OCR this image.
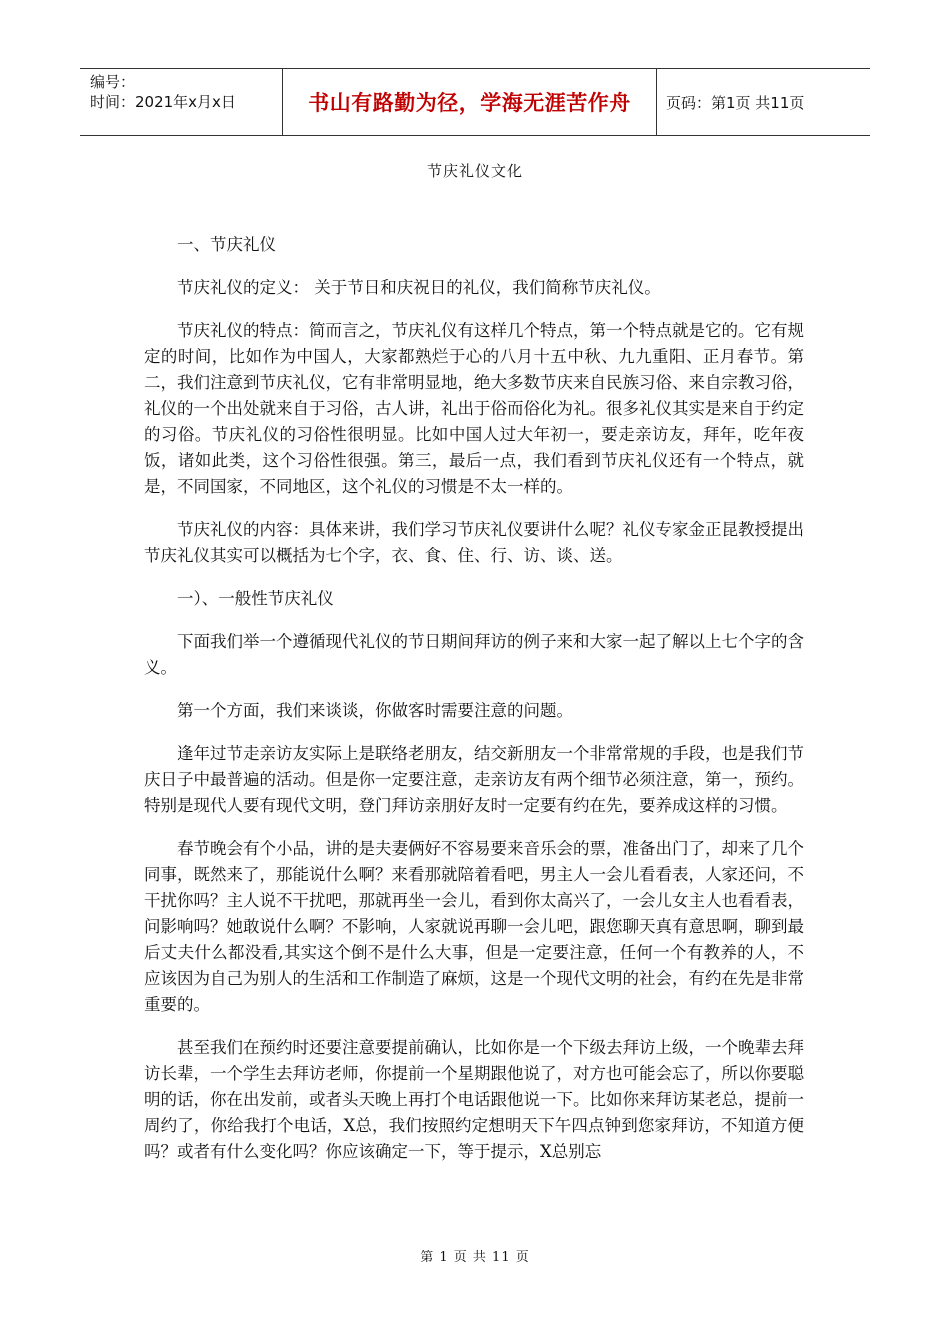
编号：
时间：2021年x月x日	书山有路勤为径，学海无涯苦作舟 页码：第1页 共11页
节庆礼仪文化

一、节庆礼仪

节庆礼仪的定义： 关于节日和庆祝日的礼仪，我们简称节庆礼仪。

节庆礼仪的特点：简而言之，节庆礼仪有这样几个特点，第一个特点就是它的。它有规定的时间，比如作为中国人，大家都熟烂于心的八月十五中秋、九九重阳、正月春节。第二，我们注意到节庆礼仪，它有非常明显地，绝大多数节庆来自民族习俗、来自宗教习俗，礼仪的一个出处就来自于习俗，古人讲，礼出于俗而俗化为礼。很多礼仪其实是来自于约定的习俗。节庆礼仪的习俗性很明显。比如中国人过大年初一，要走亲访友，拜年，吃年夜饭，诸如此类，这个习俗性很强。第三，最后一点，我们看到节庆礼仪还有一个特点，就是，不同国家，不同地区，这个礼仪的习惯是不太一样的。

节庆礼仪的内容：具体来讲，我们学习节庆礼仪要讲什么呢？礼仪专家金正昆教授提出节庆礼仪其实可以概括为七个字，衣、食、住、行、访、谈、送。

一）、一般性节庆礼仪

下面我们举一个遵循现代礼仪的节日期间拜访的例子来和大家一起了解以上七个字的含义。

第一个方面，我们来谈谈，你做客时需要注意的问题。

逢年过节走亲访友实际上是联络老朋友，结交新朋友一个非常常规的手段，也是我们节庆日子中最普遍的活动。但是你一定要注意，走亲访友有两个细节必须注意，第一，预约。特别是现代人要有现代文明，登门拜访亲朋好友时一定要有约在先，要养成这样的习惯。

春节晚会有个小品，讲的是夫妻俩好不容易要来音乐会的票，准备出门了，却来了几个同事，既然来了，那能说什么啊？来看那就陪着看吧，男主人一会儿看看表，人家还问，不干扰你吗？主人说不干扰吧，那就再坐一会儿，看到你太高兴了，一会儿女主人也看看表，问影响吗？她敢说什么啊？不影响，人家就说再聊一会儿吧，跟您聊天真有意思啊，聊到最后丈夫什么都没看,其实这个倒不是什么大事，但是一定要注意，任何一个有教养的人，不应该因为自己为别人的生活和工作制造了麻烦，这是一个现代文明的社会，有约在先是非常重要的。

甚至我们在预约时还要注意要提前确认，比如你是一个下级去拜访上级，一个晚辈去拜访长辈，一个学生去拜访老师，你提前一个星期跟他说了，对方也可能会忘了，所以你要聪明的话，你在出发前，或者头天晚上再打个电话跟他说一下。比如你来拜访某老总，提前一周约了，你给我打个电话，X总，我们按照约定想明天下午四点钟到您家拜访，不知道方便吗？或者有什么变化吗？你应该确定一下，等于提示，X总别忘

第 1 页 共 11 页
